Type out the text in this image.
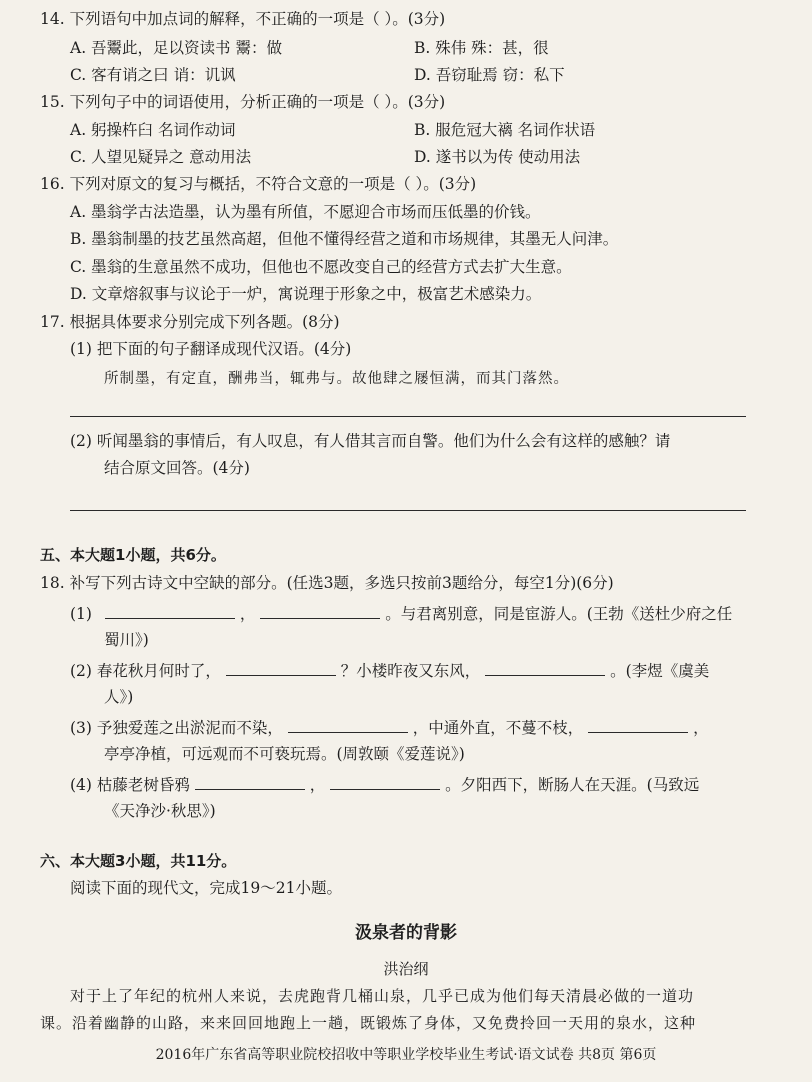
14. 下列语句中加点词的解释，不正确的一项是（ ）。(3分)
A. 吾鬻此，足以资读书 鬻：做	B. 殊伟 殊：甚，很
C. 客有诮之曰 诮：讥讽	D. 吾窃耻焉 窃：私下
15. 下列句子中的词语使用，分析正确的一项是（ ）。(3分)
A. 躬操杵臼 名词作动词	B. 服危冠大褵 名词作状语
C. 人望见疑异之 意动用法	D. 遂书以为传 使动用法
16. 下列对原文的复习与概括，不符合文意的一项是（ ）。(3分)
A. 墨翁学古法造墨，认为墨有所值，不愿迎合市场而压低墨的价钱。
B. 墨翁制墨的技艺虽然高超，但他不懂得经营之道和市场规律，其墨无人问津。
C. 墨翁的生意虽然不成功，但他也不愿改变自己的经营方式去扩大生意。
D. 文章熔叙事与议论于一炉，寓说理于形象之中，极富艺术感染力。
17. 根据具体要求分别完成下列各题。(8分)
(1) 把下面的句子翻译成现代汉语。(4分)
所制墨，有定直，酬弗当，辄弗与。故他肆之屦恒满，而其门落然。
(2) 听闻墨翁的事情后，有人叹息，有人借其言而自警。他们为什么会有这样的感触？请
结合原文回答。(4分)
五、本大题1小题，共6分。
18. 补写下列古诗文中空缺的部分。(任选3题，多选只按前3题给分，每空1分)(6分)
(1)	，	。与君离别意，同是宦游人。(王勃《送杜少府之任
蜀川》)
(2) 春花秋月何时了，	？小楼昨夜又东风，	。(李煜《虞美
人》)
(3) 予独爱莲之出淤泥而不染，	，中通外直，不蔓不枝，	，
亭亭净植，可远观而不可亵玩焉。(周敦颐《爱莲说》)
(4) 枯藤老树昏鸦	，	。夕阳西下，断肠人在天涯。(马致远
《天净沙·秋思》)
六、本大题3小题，共11分。
阅读下面的现代文，完成19～21小题。
汲泉者的背影
洪治纲
对于上了年纪的杭州人来说，去虎跑背几桶山泉，几乎已成为他们每天清晨必做的一道功
课。沿着幽静的山路，来来回回地跑上一趟，既锻炼了身体，又免费拎回一天用的泉水，这种
2016年广东省高等职业院校招收中等职业学校毕业生考试·语文试卷 共8页 第6页
